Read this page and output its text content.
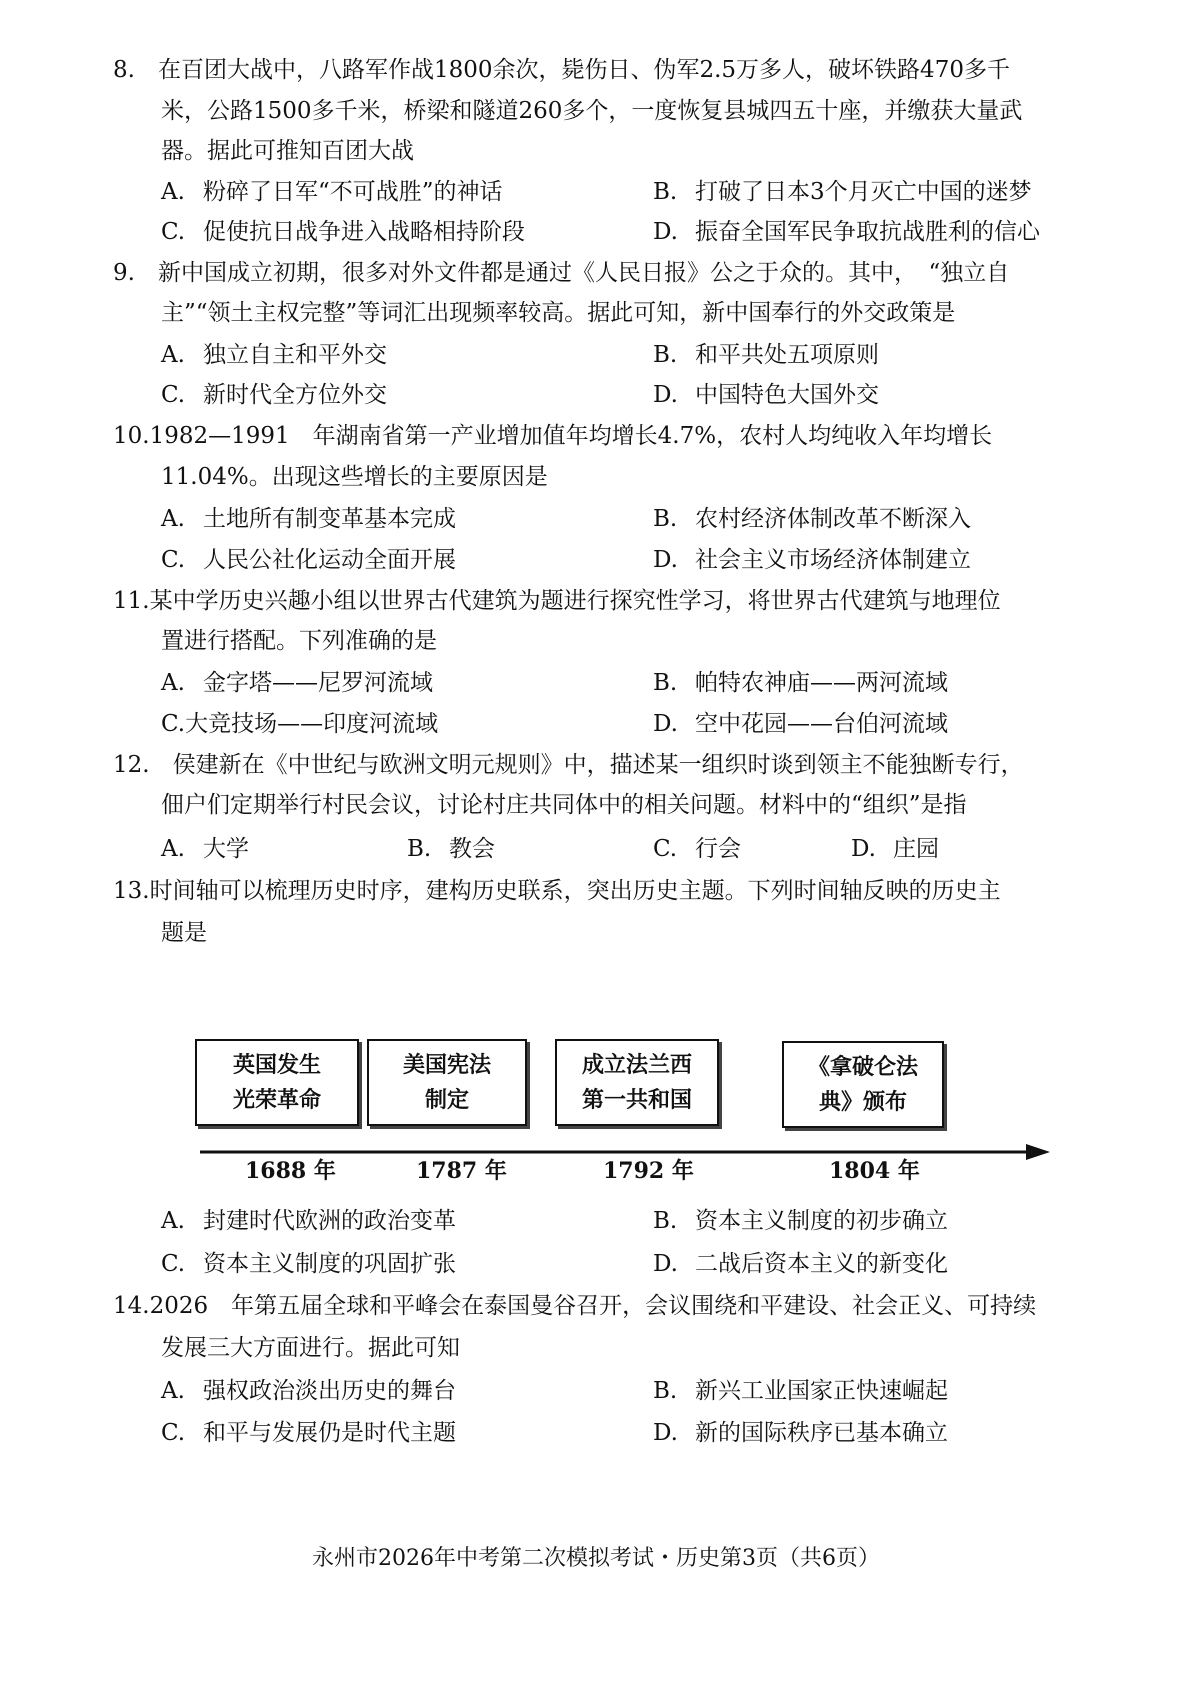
8.　在百团大战中，八路军作战1800余次，毙伤日、伪军2.5万多人，破坏铁路470多千
米，公路1500多千米，桥梁和隧道260多个，一度恢复县城四五十座，并缴获大量武
器。据此可推知百团大战
A. 粉碎了日军“不可战胜”的神话	B. 打破了日本3个月灭亡中国的迷梦
C. 促使抗日战争进入战略相持阶段	D. 振奋全国军民争取抗战胜利的信心
9.　新中国成立初期，很多对外文件都是通过《人民日报》公之于众的。其中，　“独立自
主”“领土主权完整”等词汇出现频率较高。据此可知，新中国奉行的外交政策是
A. 独立自主和平外交	B. 和平共处五项原则
C. 新时代全方位外交	D. 中国特色大国外交
10.1982—1991　年湖南省第一产业增加值年均增长4.7%，农村人均纯收入年均增长
11.04%。出现这些增长的主要原因是
A. 土地所有制变革基本完成	B. 农村经济体制改革不断深入
C. 人民公社化运动全面开展	D. 社会主义市场经济体制建立
11.某中学历史兴趣小组以世界古代建筑为题进行探究性学习，将世界古代建筑与地理位
置进行搭配。下列准确的是
A. 金字塔——尼罗河流域	B. 帕特农神庙——两河流域
C.大竞技场——印度河流域	D. 空中花园——台伯河流域
12.　侯建新在《中世纪与欧洲文明元规则》中，描述某一组织时谈到领主不能独断专行，
佃户们定期举行村民会议，讨论村庄共同体中的相关问题。材料中的“组织”是指
A. 大学	B. 教会	C. 行会	D. 庄园
13.时间轴可以梳理历史时序，建构历史联系，突出历史主题。下列时间轴反映的历史主
题是
英国发生
光荣革命
美国宪法
制定
成立法兰西
第一共和国
《拿破仑法
典》颁布
1688 年	1787 年	1792 年	1804 年
A. 封建时代欧洲的政治变革	B. 资本主义制度的初步确立
C. 资本主义制度的巩固扩张	D. 二战后资本主义的新变化
14.2026　年第五届全球和平峰会在泰国曼谷召开，会议围绕和平建设、社会正义、可持续
发展三大方面进行。据此可知
A. 强权政治淡出历史的舞台	B. 新兴工业国家正快速崛起
C. 和平与发展仍是时代主题	D. 新的国际秩序已基本确立
永州市2026年中考第二次模拟考试・历史第3页（共6页）
